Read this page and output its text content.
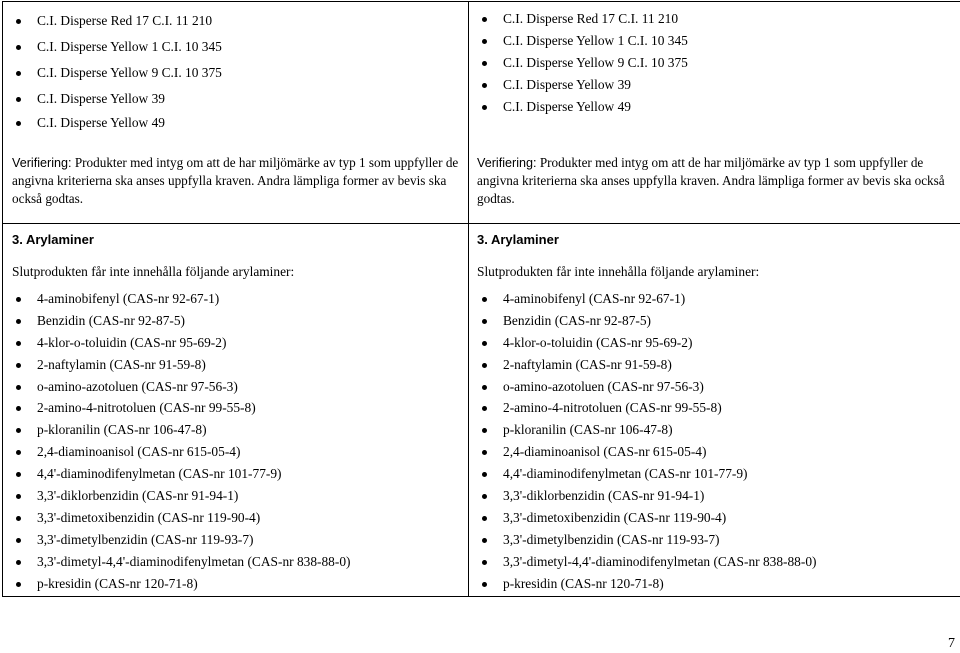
C.I. Disperse Red 17 C.I. 11 210
C.I. Disperse Yellow 1 C.I. 10 345
C.I. Disperse Yellow 9 C.I. 10 375
C.I. Disperse Yellow 39
C.I. Disperse Yellow 49
Verifiering: Produkter med intyg om att de har miljömärke av typ 1 som uppfyller de angivna kriterierna ska anses uppfylla kraven. Andra lämpliga former av bevis ska också godtas.
C.I. Disperse Red 17 C.I. 11 210
C.I. Disperse Yellow 1 C.I. 10 345
C.I. Disperse Yellow 9 C.I. 10 375
C.I. Disperse Yellow 39
C.I. Disperse Yellow 49
Verifiering: Produkter med intyg om att de har miljömärke av typ 1 som uppfyller de angivna kriterierna ska anses uppfylla kraven. Andra lämpliga former av bevis ska också godtas.
3. Arylaminer
Slutprodukten får inte innehålla följande arylaminer:
4-aminobifenyl (CAS-nr 92-67-1)
Benzidin (CAS-nr 92-87-5)
4-klor-o-toluidin (CAS-nr 95-69-2)
2-naftylamin (CAS-nr 91-59-8)
o-amino-azotoluen (CAS-nr 97-56-3)
2-amino-4-nitrotoluen (CAS-nr 99-55-8)
p-kloranilin (CAS-nr 106-47-8)
2,4-diaminoanisol (CAS-nr 615-05-4)
4,4'-diaminodifenylmetan (CAS-nr 101-77-9)
3,3'-diklorbenzidin (CAS-nr 91-94-1)
3,3'-dimetoxibenzidin (CAS-nr 119-90-4)
3,3'-dimetylbenzidin (CAS-nr 119-93-7)
3,3'-dimetyl-4,4'-diaminodifenylmetan (CAS-nr 838-88-0)
p-kresidin (CAS-nr 120-71-8)
3. Arylaminer
Slutprodukten får inte innehålla följande arylaminer:
4-aminobifenyl (CAS-nr 92-67-1)
Benzidin (CAS-nr 92-87-5)
4-klor-o-toluidin (CAS-nr 95-69-2)
2-naftylamin (CAS-nr 91-59-8)
o-amino-azotoluen (CAS-nr 97-56-3)
2-amino-4-nitrotoluen (CAS-nr 99-55-8)
p-kloranilin (CAS-nr 106-47-8)
2,4-diaminoanisol (CAS-nr 615-05-4)
4,4'-diaminodifenylmetan (CAS-nr 101-77-9)
3,3'-diklorbenzidin (CAS-nr 91-94-1)
3,3'-dimetoxibenzidin (CAS-nr 119-90-4)
3,3'-dimetylbenzidin (CAS-nr 119-93-7)
3,3'-dimetyl-4,4'-diaminodifenylmetan (CAS-nr 838-88-0)
p-kresidin (CAS-nr 120-71-8)
7
